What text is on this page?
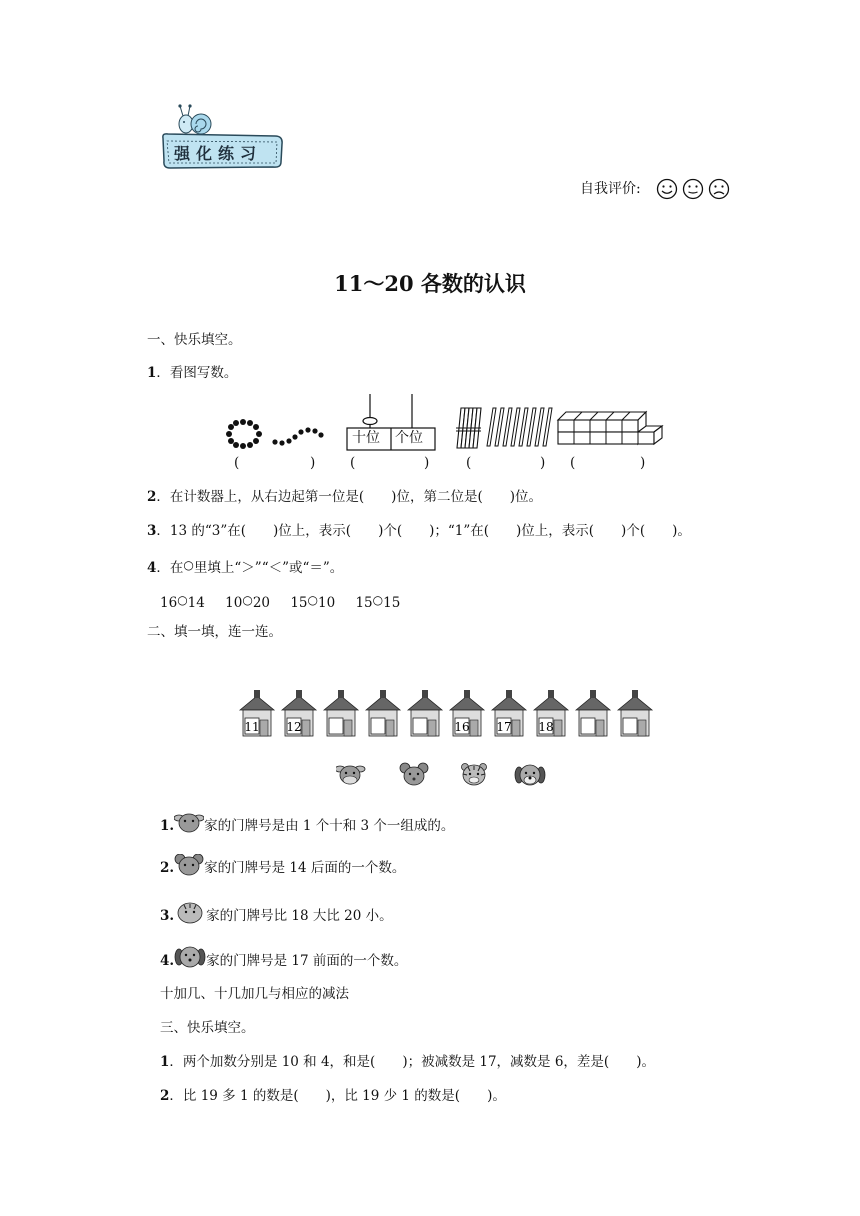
强化练习
自我评价:
11～20 各数的认识
一、快乐填空。
1．看图写数。
十位 个位
(	)	(	)	(	) (	)
2．在计数器上，从右边起第一位是(　　)位，第二位是(　　)位。
3．13 的“3”在(　　)位上，表示(　　)个(　　)；“1”在(　　)位上，表示(　　)个(　　)。
4．在○里填上“＞”“＜”或“＝”。
16○14 10○20 15○10 15○15
二、填一填，连一连。
11 12	16 17 18
1. 家的门牌号是由 1 个十和 3 个一组成的。
2. 家的门牌号是 14 后面的一个数。
3. 家的门牌号比 18 大比 20 小。
4. 家的门牌号是 17 前面的一个数。
十加几、十几加几与相应的减法
三、快乐填空。
1．两个加数分别是 10 和 4，和是(　　)；被减数是 17，减数是 6，差是(　　)。
2．比 19 多 1 的数是(　　)，比 19 少 1 的数是(　　)。
